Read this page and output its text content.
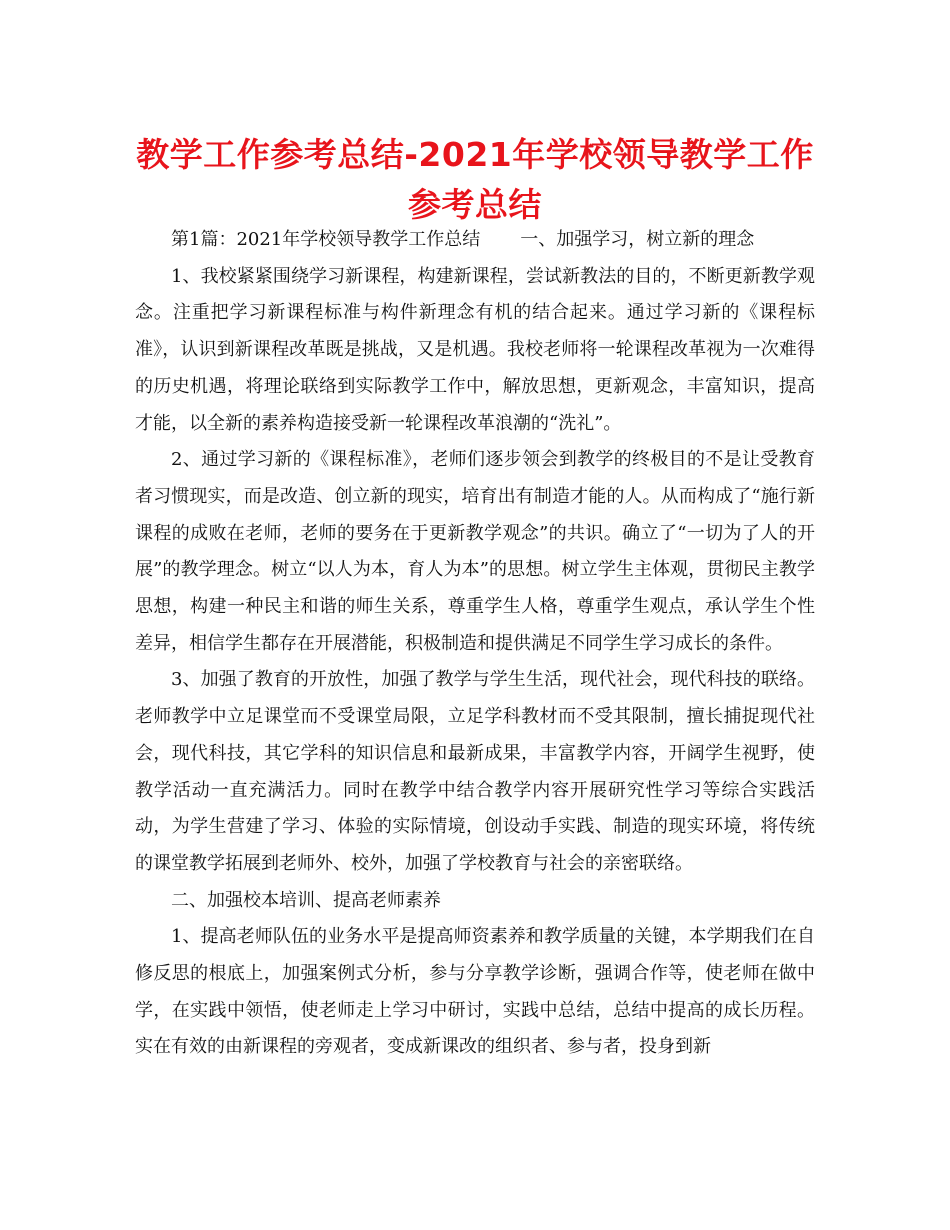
教学工作参考总结-2021年学校领导教学工作参考总结

第1篇：2021年学校领导教学工作总结 一、加强学习，树立新的理念

1、我校紧紧围绕学习新课程，构建新课程，尝试新教法的目的，不断更新教学观念。注重把学习新课程标准与构件新理念有机的结合起来。通过学习新的《课程标准》，认识到新课程改革既是挑战，又是机遇。我校老师将一轮课程改革视为一次难得的历史机遇，将理论联络到实际教学工作中，解放思想，更新观念，丰富知识，提高才能，以全新的素养构造接受新一轮课程改革浪潮的“洗礼”。

2、通过学习新的《课程标准》，老师们逐步领会到教学的终极目的不是让受教育者习惯现实，而是改造、创立新的现实，培育出有制造才能的人。从而构成了“施行新课程的成败在老师，老师的要务在于更新教学观念”的共识。确立了“一切为了人的开展”的教学理念。树立“以人为本，育人为本”的思想。树立学生主体观，贯彻民主教学思想，构建一种民主和谐的师生关系，尊重学生人格，尊重学生观点，承认学生个性差异，相信学生都存在开展潜能，积极制造和提供满足不同学生学习成长的条件。

3、加强了教育的开放性，加强了教学与学生生活，现代社会，现代科技的联络。老师教学中立足课堂而不受课堂局限，立足学科教材而不受其限制，擅长捕捉现代社会，现代科技，其它学科的知识信息和最新成果，丰富教学内容，开阔学生视野，使教学活动一直充满活力。同时在教学中结合教学内容开展研究性学习等综合实践活动，为学生营建了学习、体验的实际情境，创设动手实践、制造的现实环境，将传统的课堂教学拓展到老师外、校外，加强了学校教育与社会的亲密联络。

二、加强校本培训、提高老师素养

1、提高老师队伍的业务水平是提高师资素养和教学质量的关键，本学期我们在自修反思的根底上，加强案例式分析，参与分享教学诊断，强调合作等，使老师在做中学，在实践中领悟，使老师走上学习中研讨，实践中总结，总结中提高的成长历程。实在有效的由新课程的旁观者，变成新课改的组织者、参与者，投身到新
